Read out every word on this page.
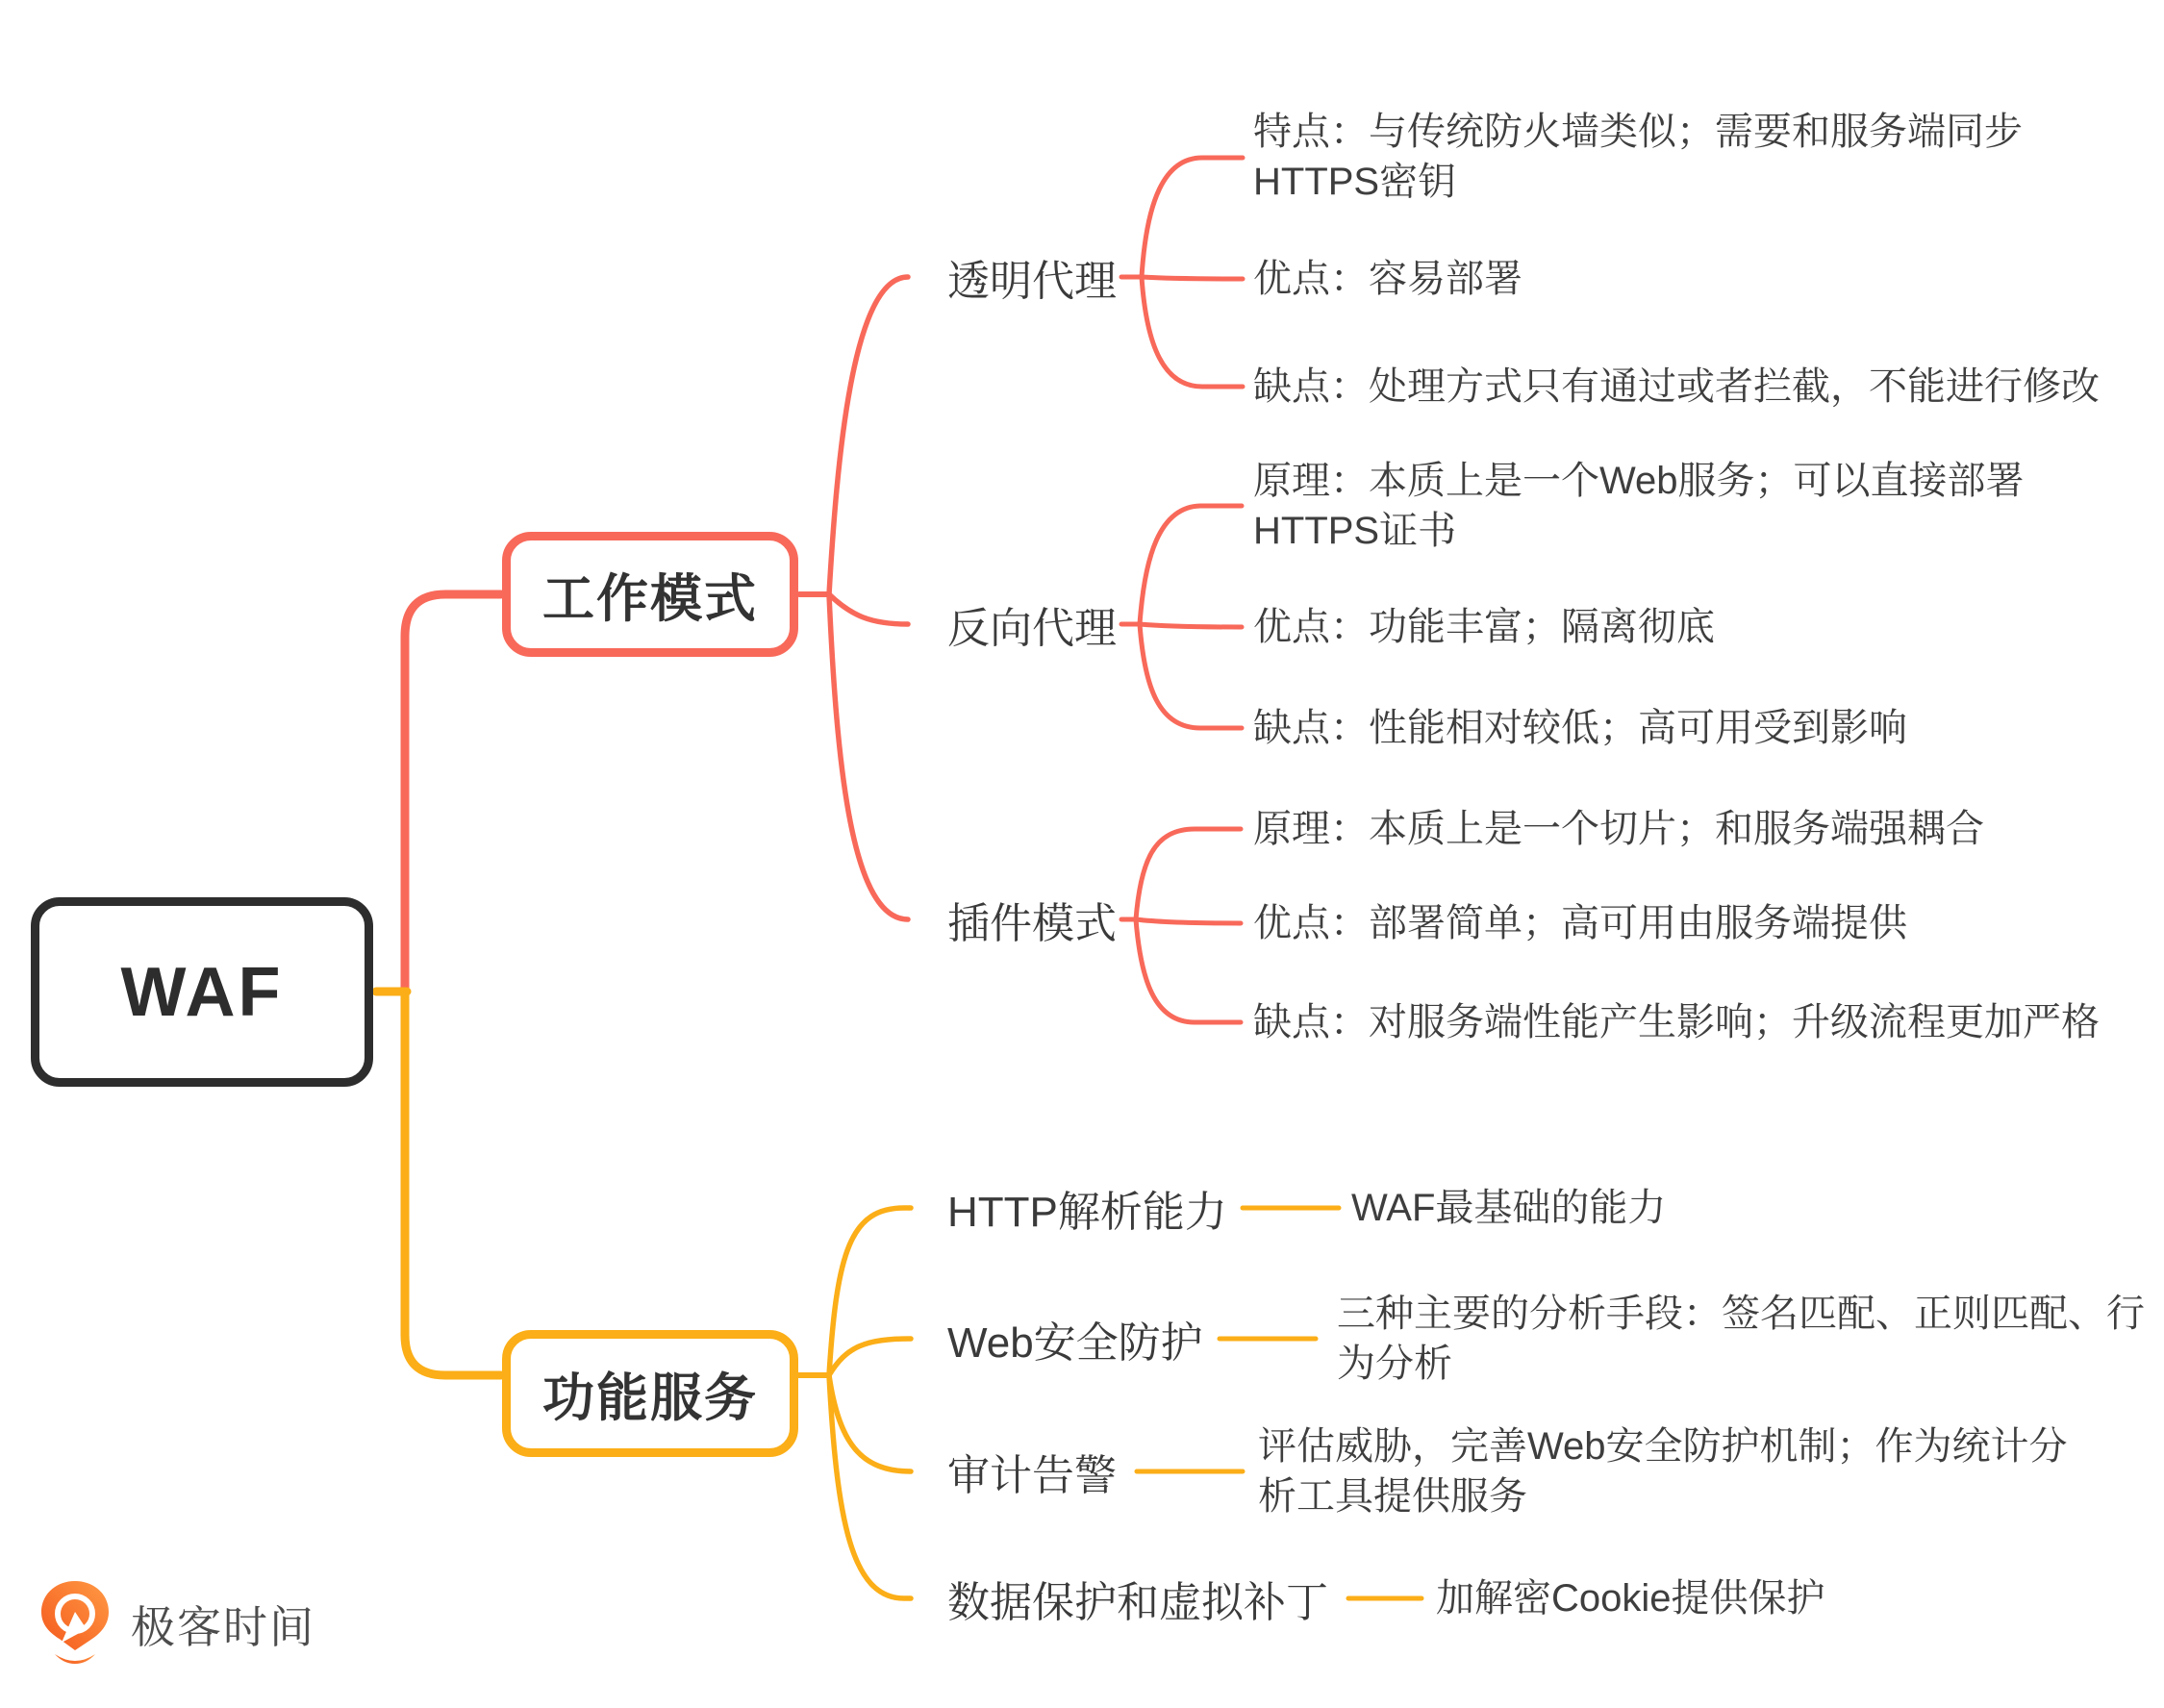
WAF
工作模式
功能服务
透明代理
反向代理
插件模式
特点：与传统防火墙类似；需要和服务端同步HTTPS密钥
优点：容易部署
缺点：处理方式只有通过或者拦截，不能进行修改
原理：本质上是一个Web服务；可以直接部署HTTPS证书
优点：功能丰富；隔离彻底
缺点：性能相对较低；高可用受到影响
原理：本质上是一个切片；和服务端强耦合
优点：部署简单；高可用由服务端提供
缺点：对服务端性能产生影响；升级流程更加严格
HTTP解析能力
Web安全防护
审计告警
数据保护和虚拟补丁
WAF最基础的能力
三种主要的分析手段：签名匹配、正则匹配、行为分析
评估威胁，完善Web安全防护机制；作为统计分析工具提供服务
加解密Cookie提供保护
极客时间
